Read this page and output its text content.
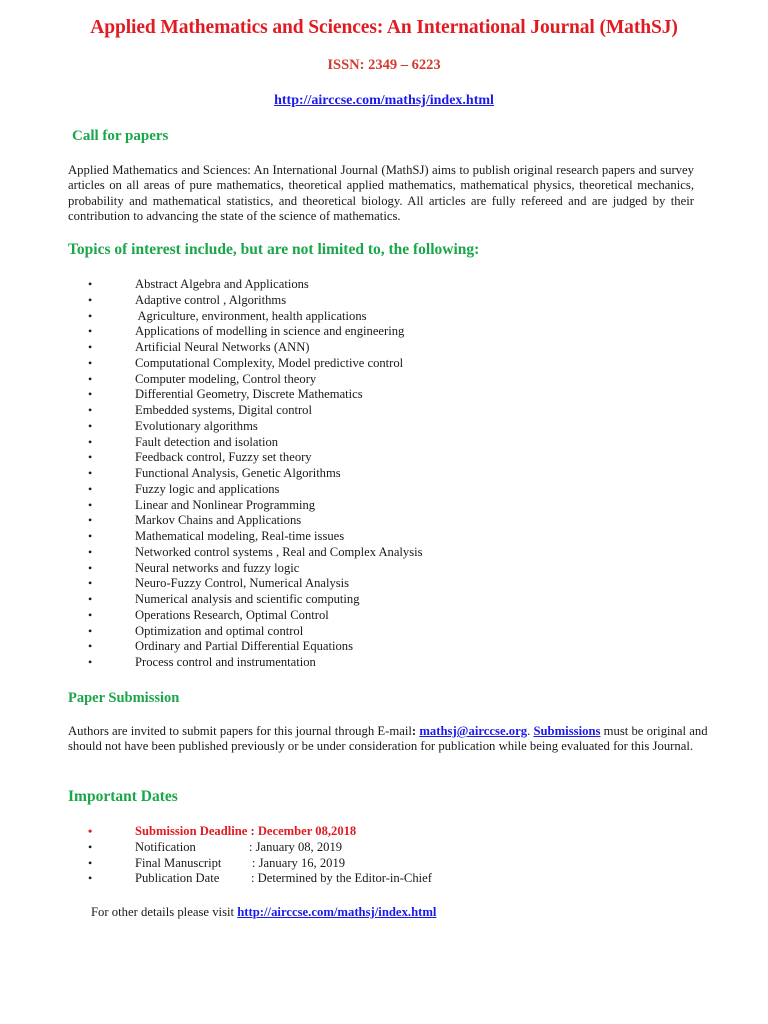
Applied Mathematics and Sciences: An International Journal (MathSJ)
ISSN: 2349 – 6223
http://airccse.com/mathsj/index.html
Call for papers
Applied Mathematics and Sciences: An International Journal (MathSJ) aims to publish original research papers and survey articles on all areas of pure mathematics, theoretical applied mathematics, mathematical physics, theoretical mechanics, probability and mathematical statistics, and theoretical biology. All articles are fully refereed and are judged by their contribution to advancing the state of the science of mathematics.
Topics of interest include, but are not limited to, the following:
•	Abstract Algebra and Applications
•	Adaptive control , Algorithms
•	Agriculture, environment, health applications
•	Applications of modelling in science and engineering
•	Artificial Neural Networks (ANN)
•	Computational Complexity, Model predictive control
•	Computer modeling, Control theory
•	Differential Geometry, Discrete Mathematics
•	Embedded systems, Digital control
•	Evolutionary algorithms
•	Fault detection and isolation
•	Feedback control, Fuzzy set theory
•	Functional Analysis, Genetic Algorithms
•	Fuzzy logic and applications
•	Linear and Nonlinear Programming
•	Markov Chains and Applications
•	Mathematical modeling, Real-time issues
•	Networked control systems , Real and Complex Analysis
•	Neural networks and fuzzy logic
•	Neuro-Fuzzy Control, Numerical Analysis
•	Numerical analysis and scientific computing
•	Operations Research, Optimal Control
•	Optimization and optimal control
•	Ordinary and Partial Differential Equations
•	Process control and instrumentation
Paper Submission
Authors are invited to submit papers for this journal through E-mail: mathsj@airccse.org. Submissions must be original and should not have been published previously or be under consideration for publication while being evaluated for this Journal.
Important Dates
•	Submission Deadline : December 08,2018
•	Notification	: January 08, 2019
•	Final Manuscript : January 16, 2019
•	Publication Date	: Determined by the Editor-in-Chief
For other details please visit http://airccse.com/mathsj/index.html
